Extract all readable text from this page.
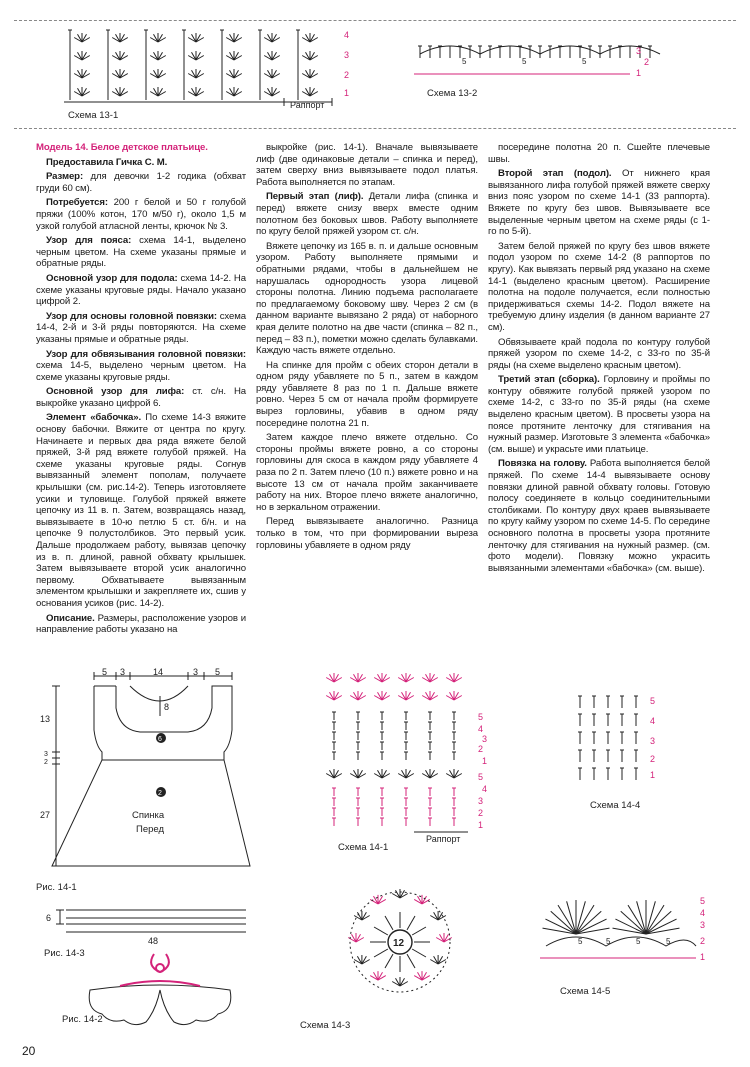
Раппорт
4
3
2
1
Схема 13-1
5	5	5
3
2
1
Схема 13-2

Модель 14. Белое детское платьице.

Предоставила Гичка С. М.

Размер: для девочки 1-2 годика (обхват груди 60 см).

Потребуется: 200 г белой и 50 г голубой пряжи (100% котон, 170 м/50 г), около 1,5 м узкой голубой атласной ленты, крючок № 3.

Узор для пояса: схема 14-1, выделено черным цветом. На схеме указаны прямые и обратные ряды.

Основной узор для подола: схема 14-2. На схеме указаны круговые ряды. Начало указано цифрой 2.

Узор для основы головной повязки: схема 14-4, 2-й и 3-й ряды повторяются. На схеме указаны прямые и обратные ряды.

Узор для обвязывания головной повязки: схема 14-5, выделено черным цветом. На схеме указаны круговые ряды.

Основной узор для лифа: ст. с/н. На выкройке указано цифрой 6.

Элемент «бабочка». По схеме 14-3 вяжите основу бабочки. Вяжите от центра по кругу. Начинаете и первых два ряда вяжете белой пряжей, 3-й ряд вяжете голубой пряжей. На схеме указаны круговые ряды. Согнув вывязанный элемент пополам, получаете крылышки (см. рис.14-2). Теперь изготовляете усики и туловище. Голубой пряжей вяжете цепочку из 11 в. п. Затем, возвращаясь назад, вывязываете в 10-ю петлю 5 ст. б/н. и на цепочке 9 полустолбиков. Это первый усик. Дальше продолжаем работу, вывязав цепочку из в. п. длиной, равной обхвату крылышек. Затем вывязываете второй усик аналогично первому. Обхватываете вывязанным элементом крылышки и закрепляете их, сшив у основания усиков (рис. 14-2).

Описание. Размеры, расположение узоров и направление работы указано на

выкройке (рис. 14-1). Вначале вывязываете лиф (две одинаковые детали – спинка и перед), затем сверху вниз вывязываете подол платья. Работа выполняется по этапам.

Первый этап (лиф). Детали лифа (спинка и перед) вяжете снизу вверх вместе одним полотном без боковых швов. Работу выполняете по кругу белой пряжей узором ст. с/н.

Вяжете цепочку из 165 в. п. и дальше основным узором. Работу выполняете прямыми и обратными рядами, чтобы в дальнейшем не нарушалась однородность узора лицевой стороны полотна. Линию подъема располагаете по предлагаемому боковому шву. Через 2 см (в данном варианте вывязано 2 ряда) от наборного края делите полотно на две части (спинка – 82 п., перед – 83 п.), пометки можно сделать булавками. Каждую часть вяжете отдельно.

На спинке для пройм с обеих сторон детали в одном ряду убавляете по 5 п., затем в каждом ряду убавляете 8 раз по 1 п. Дальше вяжете ровно. Через 5 см от начала пройм формируете вырез горловины, убавив в одном ряду посередине полотна 21 п.

Затем каждое плечо вяжете отдельно. Со стороны проймы вяжете ровно, а со стороны горловины для скоса в каждом ряду убавляете 4 раза по 2 п. Затем плечо (10 п.) вяжете ровно и на высоте 13 см от начала пройм заканчиваете работу на них. Второе плечо вяжете аналогично, но в зеркальном отражении.

Перед вывязываете аналогично. Разница только в том, что при формировании выреза горловины убавляете в одном ряду

посередине полотна 20 п. Сшейте плечевые швы.

Второй этап (подол). От нижнего края вывязанного лифа голубой пряжей вяжете сверху вниз пояс узором по схеме 14-1 (33 раппорта). Вяжете по кругу без швов. Вывязываете все выделенные черным цветом на схеме ряды (с 1-го по 5-й).

Затем белой пряжей по кругу без швов вяжете подол узором по схеме 14-2 (8 раппортов по кругу). Как вывязать первый ряд указано на схеме 14-1 (выделено красным цветом). Расширение полотна на подоле получается, если полностью придерживаться схемы 14-2. Подол вяжете на требуемую длину изделия (в данном варианте 27 см).

Обвязываете край подола по контуру голубой пряжей узором по схеме 14-2, с 33-го по 35-й ряды (на схеме выделено красным цветом).

Третий этап (сборка). Горловину и проймы по контуру обвяжите голубой пряжей узором по схеме 14-2, с 33-го по 35-й ряды (на схеме выделено красным цветом). В просветы узора на поясе протяните ленточку для стягивания на нужный размер. Изготовьте 3 элемента «бабочка» (см. выше) и украсьте ими платьице.

Повязка на голову. Работа выполняется белой пряжей. По схеме 14-4 вывязываете основу повязки длиной равной обхвату головы. Готовую полосу соединяете в кольцо соединительными столбиками. По контуру двух краев вывязываете по кругу кайму узором по схеме 14-5. По середине основного полотна в просветы узора протяните ленточку для стягивания на нужный размер. (см. фото модели). Повязку можно украсить вывязанными элементами «бабочка» (см. выше).

5 3	14	3 5
13
3
2
27
8
6
2
Спинка
Перед
Рис. 14-1
6
48
Рис. 14-3
Рис. 14-2
5
4
3
2
1
5
4
3
2
1
Раппорт
Схема 14-1
12
Схема 14-3
5
4
3
2
1
Схема 14-4
5	5	5	5
5
4
3
2
1
Схема 14-5
20
